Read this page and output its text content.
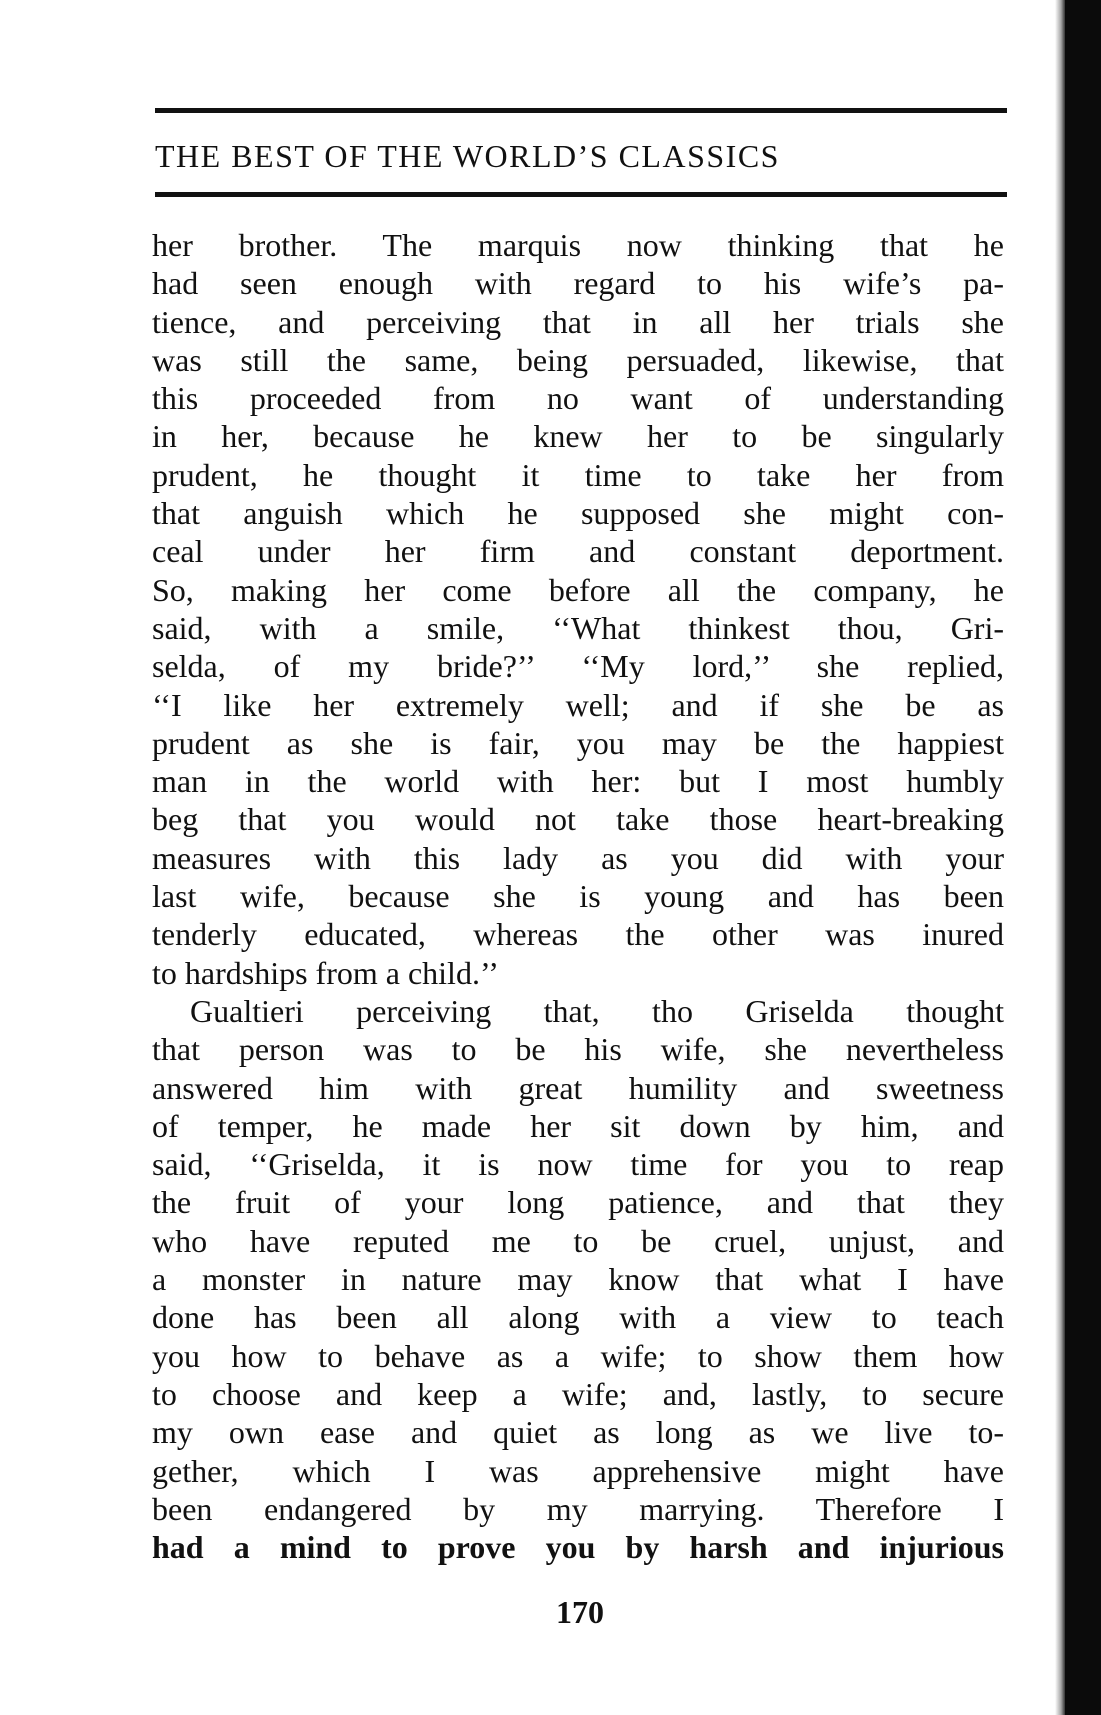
THE BEST OF THE WORLD’S CLASSICS
her brother. The marquis now thinking that he
had seen enough with regard to his wife’s pa-
tience, and perceiving that in all her trials she
was still the same, being persuaded, likewise, that
this proceeded from no want of understanding
in her, because he knew her to be singularly
prudent, he thought it time to take her from
that anguish which he supposed she might con-
ceal under her firm and constant deportment.
So, making her come before all the company, he
said, with a smile, ‘‘What thinkest thou, Gri-
selda, of my bride?’’ ‘‘My lord,’’ she replied,
‘‘I like her extremely well; and if she be as
prudent as she is fair, you may be the happiest
man in the world with her: but I most humbly
beg that you would not take those heart-breaking
measures with this lady as you did with your
last wife, because she is young and has been
tenderly educated, whereas the other was inured
to hardships from a child.’’
Gualtieri perceiving that, tho Griselda thought
that person was to be his wife, she nevertheless
answered him with great humility and sweetness
of temper, he made her sit down by him, and
said, ‘‘Griselda, it is now time for you to reap
the fruit of your long patience, and that they
who have reputed me to be cruel, unjust, and
a monster in nature may know that what I have
done has been all along with a view to teach
you how to behave as a wife; to show them how
to choose and keep a wife; and, lastly, to secure
my own ease and quiet as long as we live to-
gether, which I was apprehensive might have
been endangered by my marrying. Therefore I
had a mind to prove you by harsh and injurious
170
